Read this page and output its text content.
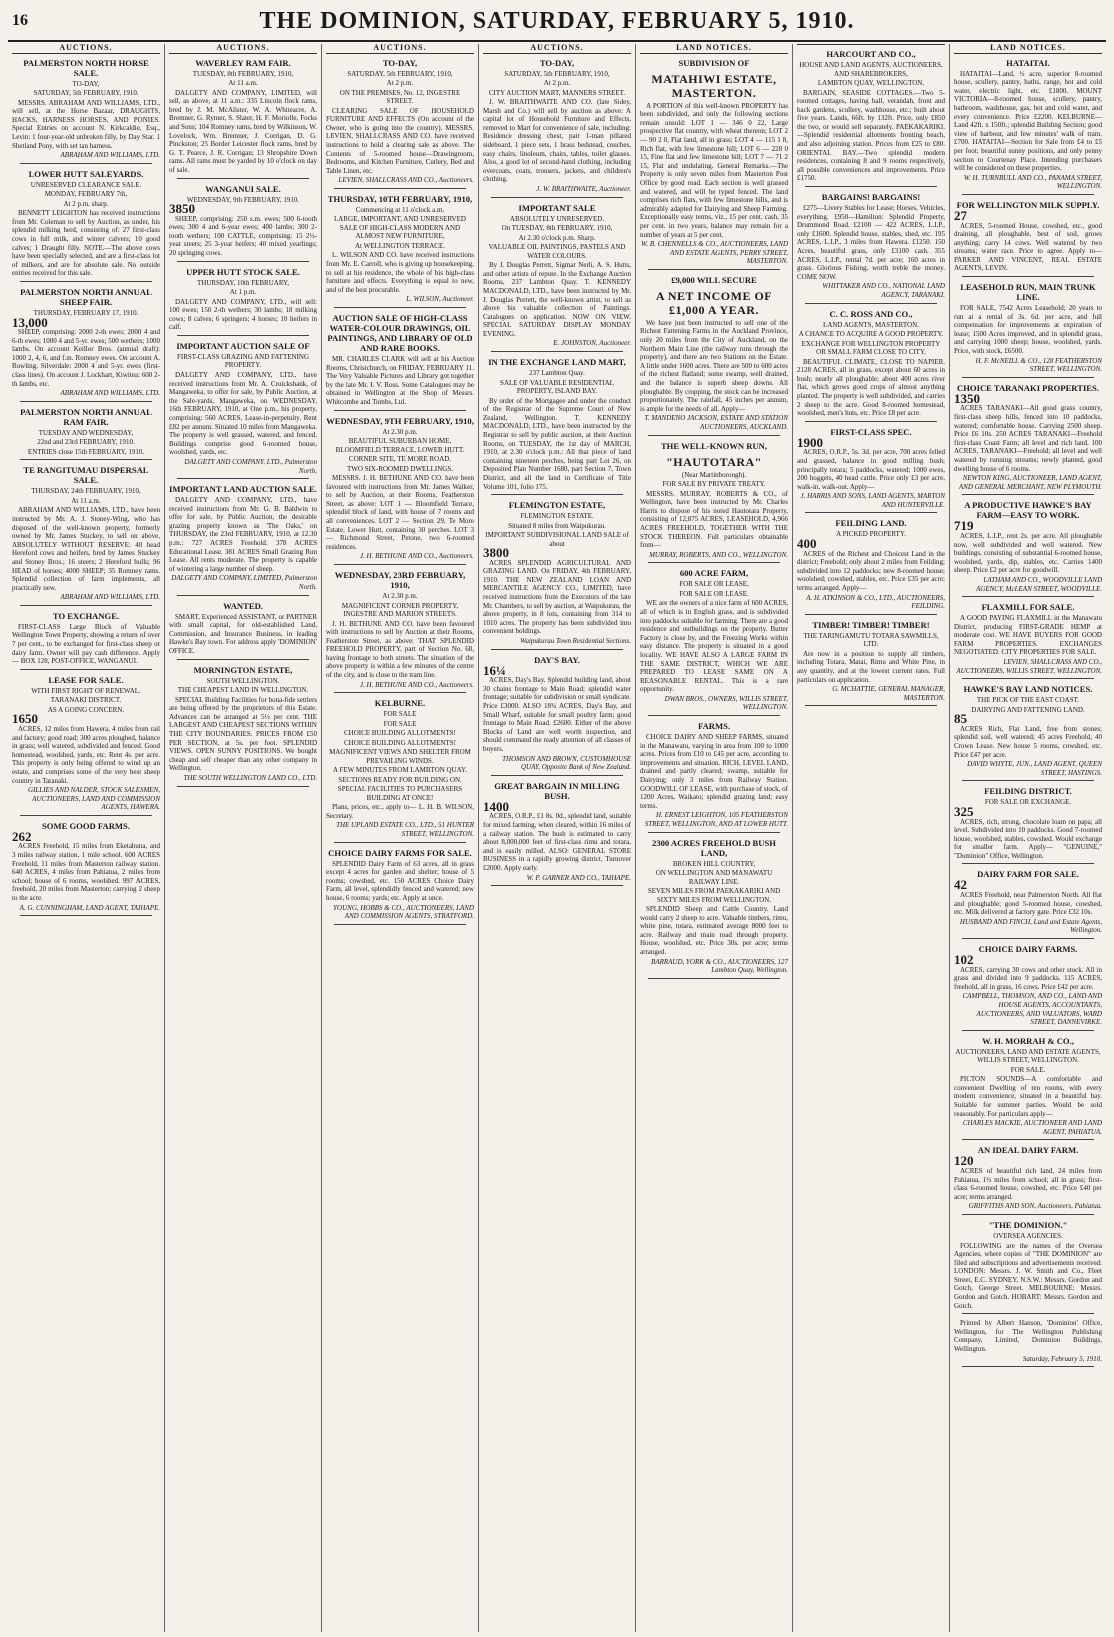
16	THE DOMINION, SATURDAY, FEBRUARY 5, 1910.
AUCTIONS.
PALMERSTON NORTH HORSE SALE.
TO-DAY,
SATURDAY, 5th FEBRUARY, 1910.

MESSRS. ABRAHAM AND WILLIAMS, LTD., will sell, at the Horse Bazaar, DRAUGHTS, HACKS, HARNESS HORSES, AND PONIES. Special Entries on account N. Kirkcaldie, Esq., Levin: 1 four-year-old unbroken filly, by Day Star. 1 Shetland Pony, with set tan harness.

ABRAHAM AND WILLIAMS, LTD.
LOWER HUTT SALEYARDS.
UNRESERVED CLEARANCE SALE.
MONDAY, FEBRUARY 7th,
At 2 p.m. sharp.

BENNETT LEIGHTON has received instructions from Mr. Coleman to sell by Auction, as under, his splendid milking herd, consisting of: 27 first-class cows in full milk, and winter calvers; 10 good calves; 1 Draught filly. NOTE.—The above cows have been specially selected, and are a first-class lot of milkers, and are for absolute sale. No outside entries received for this sale.

PALMERSTON NORTH ANNUAL SHEEP FAIR.
THURSDAY, FEBRUARY 17, 1910.
13,000

SHEEP, comprising: 2000 2-th ewes; 2000 4 and 6-th ewes; 1000 4 and 5-yr. ewes; 500 wethers; 1000 lambs. On account Keillor Bros. (annual draft): 1000 2, 4, 6, and f.m. Romney ewes. On account A. Rowling, Silverdale: 2000 4 and 5-yr. ewes (first-class lines). On account J. Lockhart, Kiwitea: 600 2-th lambs, etc.

ABRAHAM AND WILLIAMS, LTD.
PALMERSTON NORTH ANNUAL RAM FAIR.
TUESDAY AND WEDNESDAY,
22nd and 23rd FEBRUARY, 1910.
ENTRIES close 15th FEBRUARY, 1910.

TE RANGITUMAU DISPERSAL SALE.
THURSDAY, 24th FEBRUARY, 1910,
At 11 a.m.

ABRAHAM AND WILLIAMS, LTD., have been instructed by Mr. A. J. Stoney-Wing, who has disposed of the well-known property, formerly owned by Mr. James Stuckey, to sell on above, ABSOLUTELY WITHOUT RESERVE: 40 head Hereford cows and heifers, bred by James Stuckey and Stoney Bros.; 16 steers; 2 Hereford bulls; 96 HEAD of horses; 4000 SHEEP; 35 Romney rams. Splendid collection of farm implements, all practically new.

ABRAHAM AND WILLIAMS, LTD.
TO EXCHANGE.

FIRST-CLASS Large Block of Valuable Wellington Town Property, showing a return of over 7 per cent., to be exchanged for first-class sheep or dairy farm. Owner will pay cash difference. Apply— BOX 128, POST-OFFICE, WANGANUI.

LEASE FOR SALE.
WITH FIRST RIGHT OF RENEWAL.
TARANAKI DISTRICT.
AS A GOING CONCERN.
1650

ACRES, 12 miles from Hawera, 4 miles from rail and factory; good road; 300 acres ploughed, balance in grass; well watered, subdivided and fenced. Good homestead, woolshed, yards, etc. Rent 4s. per acre. This property is only being offered to wind up an estate, and comprises some of the very best sheep country in Taranaki.

GILLIES AND NALDER, STOCK SALESMEN, AUCTIONEERS, LAND AND COMMISSION AGENTS, HAWERA.
SOME GOOD FARMS.
262

ACRES Freehold, 15 miles from Eketahuna, and 3 miles railway station, 1 mile school. 600 ACRES Freehold, 11 miles from Masterton railway station. 640 ACRES, 4 miles from Pahiatua, 2 miles from school; house of 6 rooms, woolshed. 997 ACRES, freehold, 20 miles from Masterton; carrying 2 sheep to the acre.

A. G. CUNNINGHAM, LAND AGENT, TAIHAPE.
AUCTIONS.
WAVERLEY RAM FAIR.
TUESDAY, 8th FEBRUARY, 1910,
At 11 a.m.

DALGETY AND COMPANY, LIMITED, will sell, as above, at 11 a.m.: 335 Lincoln flock rams, bred by J. M. McAlister, W. A. Whiteacre, A. Bremner, G. Rymer, S. Slater, H. F. Moriolle, Focks and Sons; 104 Romney rams, bred by Wilkinson, W. Lovelock, Wm. Bremner, J. Corrigan, D. G. Pinckston; 25 Border Leicester flock rams, bred by G. T. Pearce, J. R. Corrigan; 13 Shropshire Down rams. All rams must be yarded by 10 o'clock on day of sale.

WANGANUI SALE.
WEDNESDAY, 9th FEBRUARY, 1910.
3850

SHEEP, comprising: 250 s.m. ewes; 500 6-tooth ewes; 300 4 and 6-year ewes; 400 lambs; 300 2-tooth wethers; 100 CATTLE, comprising: 15 2½-year steers; 25 3-year heifers; 40 mixed yearlings; 20 springing cows.

UPPER HUTT STOCK SALE.
THURSDAY, 10th FEBRUARY,
At 1 p.m.

DALGETY AND COMPANY, LTD., will sell: 100 ewes; 150 2-th wethers; 30 lambs; 18 milking cows; 8 calves; 6 springers; 4 horses; 10 heifers in calf.

IMPORTANT AUCTION SALE OF
FIRST-CLASS GRAZING AND FATTENING PROPERTY.

DALGETY AND COMPANY, LTD., have received instructions from Mr. A. Cruickshank, of Mangaweka, to offer for sale, by Public Auction, at the Sale-yards, Mangaweka, on WEDNESDAY, 16th FEBRUARY, 1910, at One p.m., his property, comprising: 560 ACRES, Lease-in-perpetuity. Rent £82 per annum. Situated 10 miles from Mangaweka. The property is well grassed, watered, and fenced. Buildings comprise good 6-roomed house, woolshed, yards, etc.

DALGETY AND COMPANY, LTD., Palmerston North.
IMPORTANT LAND AUCTION SALE.

DALGETY AND COMPANY, LTD., have received instructions from Mr. G. B. Baldwin to offer for sale, by Public Auction, the desirable grazing property known as 'The Oaks,' on THURSDAY, the 23rd FEBRUARY, 1910, at 12.30 p.m.: 727 ACRES Freehold. 378 ACRES Educational Lease. 381 ACRES Small Grazing Run Lease. All rents moderate. The property is capable of wintering a large number of sheep.

DALGETY AND COMPANY, LIMITED, Palmerston North.
WANTED.

SMART, Experienced ASSISTANT, or PARTNER with small capital, for old-established Land, Commission, and Insurance Business, in leading Hawke's Bay town. For address apply 'DOMINION' OFFICE.

MORNINGTON ESTATE,
SOUTH WELLINGTON.
THE CHEAPEST LAND IN WELLINGTON.

SPECIAL Building Facilities for bona-fide settlers are being offered by the proprietors of this Estate. Advances can be arranged at 5½ per cent. THE LARGEST AND CHEAPEST SECTIONS WITHIN THE CITY BOUNDARIES. PRICES FROM £50 PER SECTION, at 5s. per foot. SPLENDID VIEWS. OPEN SUNNY POSITIONS. We bought cheap and sell cheaper than any other company in Wellington.

THE SOUTH WELLINGTON LAND CO., LTD.
AUCTIONS.
TO-DAY,
SATURDAY, 5th FEBRUARY, 1910,
At 2 p.m.
ON THE PREMISES, No. 12, INGESTRE STREET.

CLEARING SALE OF HOUSEHOLD FURNITURE AND EFFECTS (On account of the Owner, who is going into the country). MESSRS. LEVIEN, SHALLCRASS AND CO. have received instructions to hold a clearing sale as above. The Contents of 5-roomed house—Drawingroom, Bedrooms, and Kitchen Furniture, Cutlery, Bed and Table Linen, etc.

LEVIEN, SHALLCRASS AND CO., Auctioneers.
THURSDAY, 10TH FEBRUARY, 1910,
Commencing at 11 o'clock a.m.
LARGE, IMPORTANT, AND UNRESERVED SALE OF HIGH-CLASS MODERN AND ALMOST NEW FURNITURE,
At WELLINGTON TERRACE.

L. WILSON AND CO. have received instructions from Mr. E. Carroll, who is giving up housekeeping, to sell at his residence, the whole of his high-class furniture and effects. Everything is equal to new, and of the best procurable.

L. WILSON, Auctioneer.
AUCTION SALE OF HIGH-CLASS WATER-COLOUR DRAWINGS, OIL PAINTINGS, AND LIBRARY OF OLD AND RARE BOOKS.

MR. CHARLES CLARK will sell at his Auction Rooms, Christchurch, on FRIDAY, FEBRUARY 11. The Very Valuable Pictures and Library got together by the late Mr. I. V. Ross. Some Catalogues may be obtained in Wellington at the Shop of Messrs. Whitcombe and Tombs, Ltd.

WEDNESDAY, 9TH FEBRUARY, 1910,
At 2.30 p.m.
BEAUTIFUL SUBURBAN HOME, BLOOMFIELD TERRACE, LOWER HUTT.
CORNER SITE, TE MORE ROAD.
TWO SIX-ROOMED DWELLINGS.

MESSRS. J. H. BETHUNE AND CO. have been favoured with instructions from Mr. James Walker, to sell by Auction, at their Rooms, Featherston Street, as above: LOT 1 — Bloomfield Terrace, splendid block of land, with house of 7 rooms and all conveniences. LOT 2 — Section 29, Te More Estate, Lower Hutt, containing 30 perches. LOT 3 — Richmond Street, Petone, two 6-roomed residences.

J. H. BETHUNE AND CO., Auctioneers.
WEDNESDAY, 23RD FEBRUARY, 1910,
At 2.30 p.m.
MAGNIFICENT CORNER PROPERTY, INGESTRE AND MARION STREETS.

J. H. BETHUNE AND CO. have been favoured with instructions to sell by Auction at their Rooms, Featherston Street, as above: THAT SPLENDID FREEHOLD PROPERTY, part of Section No. 68, having frontage to both streets. The situation of the above property is within a few minutes of the centre of the city, and is close to the tram line.

J. H. BETHUNE AND CO., Auctioneers.
KELBURNE.
FOR SALE
FOR SALE
CHOICE BUILDING ALLOTMENTS!
CHOICE BUILDING ALLOTMENTS!
MAGNIFICENT VIEWS AND SHELTER FROM PREVAILING WINDS.
A FEW MINUTES FROM LAMBTON QUAY.
SECTIONS READY FOR BUILDING ON.
SPECIAL FACILITIES TO PURCHASERS BUILDING AT ONCE!

Plans, prices, etc., apply to— L. H. B. WILSON, Secretary.

THE UPLAND ESTATE CO., LTD., 51 HUNTER STREET, WELLINGTON.
CHOICE DAIRY FARMS FOR SALE.

SPLENDID Dairy Farm of 63 acres, all in grass except 4 acres for garden and shelter; house of 5 rooms; cowshed, etc. 150 ACRES Choice Dairy Farm, all level, splendidly fenced and watered; new house, 6 rooms; yards; etc. Apply at once.

YOUNG, HOBBS & CO., AUCTIONEERS, LAND AND COMMISSION AGENTS, STRATFORD.
AUCTIONS.
TO-DAY,
SATURDAY, 5th FEBRUARY, 1910,
At 2 p.m.
CITY AUCTION MART, MANNERS STREET.

J. W. BRAITHWAITE AND CO. (late Sidey, Marsh and Co.) will sell by auction as above: A capital lot of Household Furniture and Effects, removed to Mart for convenience of sale, including: Residence dressing chest, pair 1-man pillared sideboard, 1 piece sets, 1 brass bedstead, couches, easy chairs, linoleum, chairs, tables, toilet glasses. Also, a good lot of second-hand clothing, including overcoats, coats, trousers, jackets, and children's clothing.

J. W. BRAITHWAITE, Auctioneer.
IMPORTANT SALE
ABSOLUTELY UNRESERVED.
On TUESDAY, 8th FEBRUARY, 1910,
At 2.30 o'clock p.m. Sharp.
VALUABLE OIL PAINTINGS, PASTELS AND WATER COLOURS.

By J. Douglas Perrett, Sigmar Nerli, A. S. Hutts, and other artists of repute. In the Exchange Auction Rooms, 237 Lambton Quay. T. KENNEDY MACDONALD, LTD., have been instructed by Mr. J. Douglas Perrett, the well-known artist, to sell as above his valuable collection of Paintings. Catalogues on application. NOW ON VIEW. SPECIAL SATURDAY DISPLAY MONDAY EVENING.

E. JOHNSTON, Auctioneer.
IN THE EXCHANGE LAND MART,
237 Lambton Quay.
SALE OF VALUABLE RESIDENTIAL PROPERTY, ISLAND BAY.

By order of the Mortgagee and under the conduct of the Registrar of the Supreme Court of New Zealand, Wellington. T. KENNEDY MACDONALD, LTD., have been instructed by the Registrar to sell by public auction, at their Auction Rooms, on TUESDAY, the 1st day of MARCH, 1910, at 2.30 o'clock p.m.: All that piece of land containing nineteen perches, being part Lot 26, on Deposited Plan Number 1680, part Section 7, Town District, and all the land in Certificate of Title Volume 101, folio 175.

FLEMINGTON ESTATE,
FLEMINGTON ESTATE.
Situated 8 miles from Waipukurau.
IMPORTANT SUBDIVISIONAL LAND SALE of about
3800

ACRES SPLENDID AGRICULTURAL AND GRAZING LAND. On FRIDAY, 4th FEBRUARY, 1910. THE NEW ZEALAND LOAN AND MERCANTILE AGENCY CO., LIMITED, have received instructions from the Executors of the late Mr. Chambers, to sell by auction, at Waipukurau, the above property, in 8 lots, containing from 314 to 1010 acres. The property has been subdivided into convenient holdings.

Waipukurau Town Residential Sections.
DAY'S BAY.
16¼

ACRES, Day's Bay. Splendid building land, about 30 chains frontage to Main Road; splendid water frontage; suitable for subdivision or small syndicate. Price £3000. ALSO 18¾ ACRES, Day's Bay, and Small Wharf, suitable for small poultry farm; good frontage to Main Road. £2600. Either of the above Blocks of Land are well worth inspection, and should command the ready attention of all classes of buyers.

THOMSON AND BROWN, CUSTOMHOUSE QUAY, Opposite Bank of New Zealand.
GREAT BARGAIN IN MILLING BUSH.
1400

ACRES, O.R.P., £1 8s. 0d., splendid land, suitable for mixed farming, when cleared, within 16 miles of a railway station. The bush is estimated to carry about 8,000,000 feet of first-class rimu and totara, and is easily milled. ALSO: GENERAL STORE BUSINESS in a rapidly growing district. Turnover £2000. Apply early.

W. P. GARNER AND CO., TAIHAPE.
LAND NOTICES.
SUBDIVISION OF
MATAHIWI ESTATE, MASTERTON.

A PORTION of this well-known PROPERTY has been subdivided, and only the following sections remain unsold: LOT 1 — 346 0 22, Large prospective flat country, with wheat thereon; LOT 2 — 90 2 0, Flat land, all in grass; LOT 4 — 115 1 8, Rich flat, with few limestone hill; LOT 6 — 228 0 15, Fine flat and few limestone hill; LOT 7 — 71 2 15, Flat and undulating. General Remarks.—The Property is only seven miles from Masterton Post Office by good road. Each section is well grassed and watered, and will be typed fenced. The land comprises rich flats, with few limestone hills, and is admirably adapted for Dairying and Sheep Farming. Exceptionally easy terms, viz., 15 per cent. cash, 35 per cent. in two years, balance may remain for a number of years at 5 per cent.

W. B. CHENNELLS & CO., AUCTIONEERS, LAND AND ESTATE AGENTS, PERRY STREET, MASTERTON.
£9,000 WILL SECURE
A NET INCOME OF £1,000 A YEAR.

We have just been instructed to sell one of the Richest Fattening Farms in the Auckland Province, only 20 miles from the City of Auckland, on the Northern Main Line (the railway runs through the property), and there are two Stations on the Estate. A little under 1600 acres. There are 500 to 600 acres of the richest flatland; some swamp, well drained, and the balance is superb sheep downs. All ploughable. By cropping, the stock can be increased proportionately. The rainfall, 45 inches per annum, is ample for the needs of all. Apply—

T. MANDENO JACKSON, ESTATE AND STATION AUCTIONEERS, AUCKLAND.
THE WELL-KNOWN RUN,
"HAUTOTARA"
(Near Martinborough).
FOR SALE BY PRIVATE TREATY.

MESSRS. MURRAY, ROBERTS & CO., of Wellington, have been instructed by Mr. Charles Harris to dispose of his noted Hautotara Property, consisting of 12,875 ACRES, LEASEHOLD, 4,966 ACRES FREEHOLD, TOGETHER WITH THE STOCK THEREON. Full particulars obtainable from—

MURRAY, ROBERTS, AND CO., WELLINGTON.
600 ACRE FARM,
FOR SALE OR LEASE,
FOR SALE OR LEASE.

WE are the owners of a nice farm of 600 ACRES, all of which is in English grass, and is subdivided into paddocks suitable for farming. There are a good residence and outbuildings on the property. Butter Factory is close by, and the Freezing Works within easy distance. The property is situated in a good locality. WE HAVE ALSO A LARGE FARM IN THE SAME DISTRICT, WHICH WE ARE PREPARED TO LEASE SAME ON A REASONABLE RENTAL. This is a rare opportunity.

DWAN BROS., OWNERS, WILLIS STREET, WELLINGTON.
FARMS.

CHOICE DAIRY AND SHEEP FARMS, situated in the Manawatu, varying in area from 100 to 1000 acres. Prices from £10 to £45 per acre, according to improvements and situation. RICH, LEVEL LAND, drained and partly cleared; swamp, suitable for Dairying; only 3 miles from Railway Station. GOODWILL OF LEASE, with purchase of stock, of 1200 Acres, Waikato; splendid grazing land; easy terms.

H. ERNEST LEIGHTON, 105 FEATHERSTON STREET, WELLINGTON, AND AT LOWER HUTT.
2300 ACRES FREEHOLD BUSH LAND,
BROKEN HILL COUNTRY,
ON WELLINGTON AND MANAWATU RAILWAY LINE.
SEVEN MILES FROM PAEKAKARIKI AND SIXTY MILES FROM WELLINGTON.

SPLENDID Sheep and Cattle Country. Land would carry 2 sheep to acre. Valuable timbers, rimu, white pine, totara, estimated average 8000 feet to acre. Railway and main road through property. House, woolshed, etc. Price 30s. per acre; terms arranged.

BARRAUD, YORK & CO., AUCTIONEERS, 127 Lambton Quay, Wellington.
HARCOURT AND CO.,
HOUSE AND LAND AGENTS, AUCTIONEERS, AND SHAREBROKERS,
LAMBTON QUAY, WELLINGTON.

BARGAIN, SEASIDE COTTAGES.—Two 5-roomed cottages, having hall, verandah, front and back gardens, scullery, washhouse, etc.; built about five years. Lands, 66ft. by 132ft. Price, only £850 the two, or would sell separately. PAEKAKARIKI.—Splendid residential allotments fronting beach, and also adjoining station. Prices from £25 to £80. ORIENTAL BAY.—Two splendid modern residences, containing 8 and 9 rooms respectively, all possible conveniences and improvements. Price £1750.

BARGAINS! BARGAINS!

£275—Livery Stables for Lease; Horses, Vehicles, everything. £950—Hamilton: Splendid Property, Drummond Road. £2100 — 422 ACRES, L.I.P., only £1600. Splendid house, stables, shed, etc. 195 ACRES, L.I.P., 3 miles from Hawera. £1250. 150 Acres, beautiful grass, only £3100 cash. 355 ACRES, L.I.P., rental 7d. per acre; 160 acres in grass. Glorious Fishing, worth treble the money. COME NOW.

WHITTAKER AND CO., NATIONAL LAND AGENCY, TARANAKI.
C. C. ROSS AND CO.,
LAND AGENTS, MASTERTON.
A CHANCE TO ACQUIRE A GOOD PROPERTY.
EXCHANGE FOR WELLINGTON PROPERTY OR SMALL FARM CLOSE TO CITY.

BEAUTIFUL CLIMATE, CLOSE TO NAPIER. 2128 ACRES, all in grass, except about 60 acres in bush; nearly all ploughable; about 400 acres river flat, which grows good crops of almost anything planted. The property is well subdivided, and carries 2 sheep to the acre. Good 8-roomed homestead, woolshed, men's huts, etc. Price £8 per acre.

FIRST-CLASS SPEC.
1900

ACRES, O.R.P., 5s. 3d. per acre, 700 acres felled and grassed, balance in good milling bush; principally totara; 5 paddocks, watered; 1000 ewes, 200 hoggets, 40 head cattle. Price only £3 per acre, walk-in, walk-out. Apply—

J. HARRIS AND SONS, LAND AGENTS, MARTON AND HUNTERVILLE.
FEILDING LAND.
A PICKED PROPERTY.
400

ACRES of the Richest and Choicest Land in the district; Freehold; only about 2 miles from Feilding; subdivided into 12 paddocks; new 8-roomed house; woolshed; cowshed, stables, etc. Price £35 per acre; terms arranged. Apply—

A. H. ATKINSON & CO., LTD., AUCTIONEERS, FEILDING.
TIMBER! TIMBER! TIMBER!
THE TARINGAMUTU TOTARA SAWMILLS, LTD.

Are now in a position to supply all timbers, including Totara, Matai, Rimu and White Pine, in any quantity, and at the lowest current rates. Full particulars on application.

G. MCHATTIE, GENERAL MANAGER, MASTERTON.
LAND NOTICES.
HATAITAI.

HATAITAI—Land, ½ acre, superior 8-roomed house, scullery, pantry, baths, range, hot and cold water, electric light, etc. £1800. MOUNT VICTORIA—8-roomed house, scullery, pantry, bathroom, washhouse, gas, hot and cold water, and every convenience. Price £2200. KELBURNE—Land 42ft. x 150ft.; splendid Building Section; good view of harbour, and few minutes' walk of tram. £700. HATAITAI—Section for Sale from £4 to £5 per foot; beautiful sunny positions, and only penny section to Courtenay Place. Intending purchasers will be considered on these properties.

W. H. TURNBULL AND CO., PANAMA STREET, WELLINGTON.
FOR WELLINGTON MILK SUPPLY.
27

ACRES, 5-roomed House, cowshed, etc., good draining, all ploughable, best of soil, grows anything; carry 14 cows. Well watered by two streams; water race. Price to agree. Apply to— PARKER AND VINCENT, REAL ESTATE AGENTS, LEVIN.

LEASEHOLD RUN, MAIN TRUNK LINE.

FOR SALE, 7542 Acres Leasehold; 20 years to run at a rental of 3s. 6d. per acre, and full compensation for improvements at expiration of lease; 1500 Acres improved, and in splendid grass, and carrying 1000 sheep; house, woolshed, yards. Price, with stock, £6500.

H. F. McNEILL & CO., 128 FEATHERSTON STREET, WELLINGTON.
CHOICE TARANAKI PROPERTIES.
1350

ACRES TARANAKI—All good grass country, first-class sheep hills, fenced into 10 paddocks, watered; comfortable house. Carrying 2500 sheep. Price £6 10s. 250 ACRES TARANAKI—Freehold first-class Coast Farm; all level and rich land. 100 ACRES, TARANAKI—Freehold; all level and well watered by running streams; newly planted, good dwelling house of 6 rooms.

NEWTON KING, AUCTIONEER, LAND AGENT, AND GENERAL MERCHANT, NEW PLYMOUTH.
A PRODUCTIVE HAWKE'S BAY FARM—EASY TO WORK.
719

ACRES, L.I.P., rent 2s. per acre. All ploughable now, well subdivided and well watered. New buildings, consisting of substantial 6-roomed house, woolshed, yards, dip, stables, etc. Carries 1400 sheep. Price £2 per acre for goodwill.

LATHAM AND CO., WOODVILLE LAND AGENCY, McLEAN STREET, WOODVILLE.
FLAXMILL FOR SALE.

A GOOD PAYING FLAXMILL in the Manawatu District, producing FIRST-GRADE HEMP at moderate cost. WE HAVE BUYERS FOR GOOD FARM PROPERTIES. EXCHANGES NEGOTIATED. CITY PROPERTIES FOR SALE.

LEVIEN, SHALLCRASS AND CO., AUCTIONEERS, WILLIS STREET, WELLINGTON.
HAWKE'S BAY LAND NOTICES.
THE PICK OF THE EAST COAST.
DAIRYING AND FATTENING LAND.
85

ACRES Rich, Flat Land, free from stones; splendid soil, well watered; 45 acres Freehold, 40 Crown Lease. New house 5 rooms, cowshed, etc. Price £47 per acre.

DAVID WHYTE, JUN., LAND AGENT, QUEEN STREET, HASTINGS.
FEILDING DISTRICT.
FOR SALE OR EXCHANGE.
325

ACRES, rich, strong, chocolate loam on papa; all level. Subdivided into 10 paddocks. Good 7-roomed house, woolshed, stables, cowshed. Would exchange for smaller farm. Apply— "GENUINE," "Dominion" Office, Wellington.

DAIRY FARM FOR SALE.
42

ACRES Freehold, near Palmerston North. All flat and ploughable; good 5-roomed house, cowshed, etc. Milk delivered at factory gate. Price £32 10s.

HUSBAND AND FINCH, Land and Estate Agents, Wellington.
CHOICE DAIRY FARMS.
102

ACRES, carrying 30 cows and other stock. All in grass and divided into 9 paddocks. 115 ACRES, freehold, all in grass, 16 cows. Price £42 per acre.

CAMPBELL, THOMSON, AND CO., LAND AND HOUSE AGENTS, ACCOUNTANTS, AUCTIONEERS, AND VALUATORS, WARD STREET, DANNEVIRKE.
W. H. MORRAH & CO.,
AUCTIONEERS, LAND AND ESTATE AGENTS, WILLIS STREET, WELLINGTON.
FOR SALE.

PICTON SOUNDS—A comfortable and convenient Dwelling of ten rooms, with every modern convenience, situated in a beautiful bay. Suitable for summer parties. Would be sold reasonably. For particulars apply—

CHARLES MACKIE, AUCTIONEER AND LAND AGENT, PAHIATUA.
AN IDEAL DAIRY FARM.
120

ACRES of beautiful rich land, 24 miles from Pahiatua, 1½ miles from school; all in grass; first-class 6-roomed house, cowshed, etc. Price £40 per acre; terms arranged.

GRIFFITHS AND SON, Auctioneers, Pahiatua.
"THE DOMINION."
OVERSEA AGENCIES.

FOLLOWING are the names of the Oversea Agencies, where copies of "THE DOMINION" are filed and subscriptions and advertisements received: LONDON: Messrs. J. W. Smith and Co., Fleet Street, E.C. SYDNEY, N.S.W.: Messrs. Gordon and Gotch, George Street. MELBOURNE: Messrs. Gordon and Gotch. HOBART: Messrs. Gordon and Gotch.

Printed by Albert Hanson, 'Dominion' Office, Wellington, for The Wellington Publishing Company, Limited, Dominion Buildings, Wellington.

Saturday, February 5, 1910.
